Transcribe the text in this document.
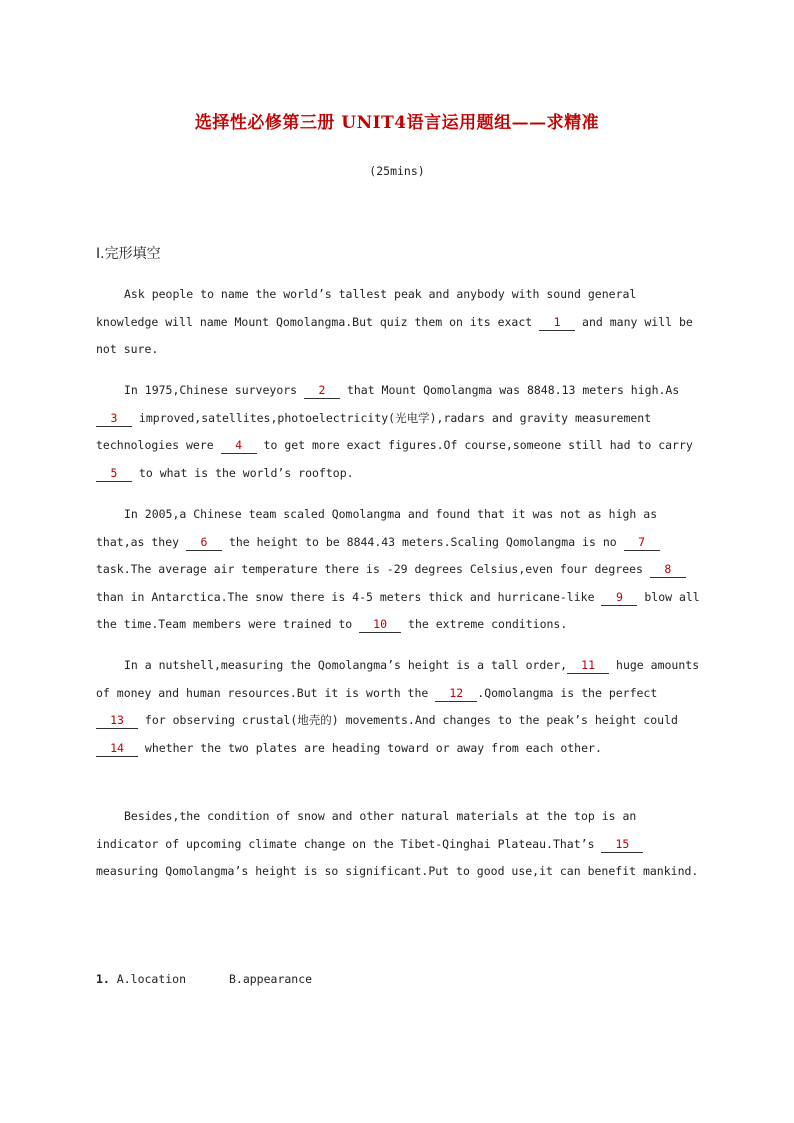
选择性必修第三册 UNIT4语言运用题组——求精准
(25mins)
Ⅰ.完形填空
Ask people to name the world’s tallest peak and anybody with sound general knowledge will name Mount Qomolangma.But quiz them on its exact 1 and many will be not sure.
In 1975,Chinese surveyors 2 that Mount Qomolangma was 8848.13 meters high.As 3 improved,satellites,photoelectricity(光电学),radars and gravity measurement technologies were 4 to get more exact figures.Of course,someone still had to carry 5 to what is the world’s rooftop.
In 2005,a Chinese team scaled Qomolangma and found that it was not as high as that,as they 6 the height to be 8844.43 meters.Scaling Qomolangma is no 7 task.The average air temperature there is -29 degrees Celsius,even four degrees 8 than in Antarctica.The snow there is 4-5 meters thick and hurricane-like 9 blow all the time.Team members were trained to 10 the extreme conditions.
In a nutshell,measuring the Qomolangma’s height is a tall order, 11 huge amounts of money and human resources.But it is worth the 12 .Qomolangma is the perfect 13 for observing crustal(地壳的) movements.And changes to the peak’s height could 14 whether the two plates are heading toward or away from each other.
Besides,the condition of snow and other natural materials at the top is an indicator of upcoming climate change on the Tibet-Qinghai Plateau.That’s 15 measuring Qomolangma’s height is so significant.Put to good use,it can benefit mankind.
1. A.location	B.appearance
